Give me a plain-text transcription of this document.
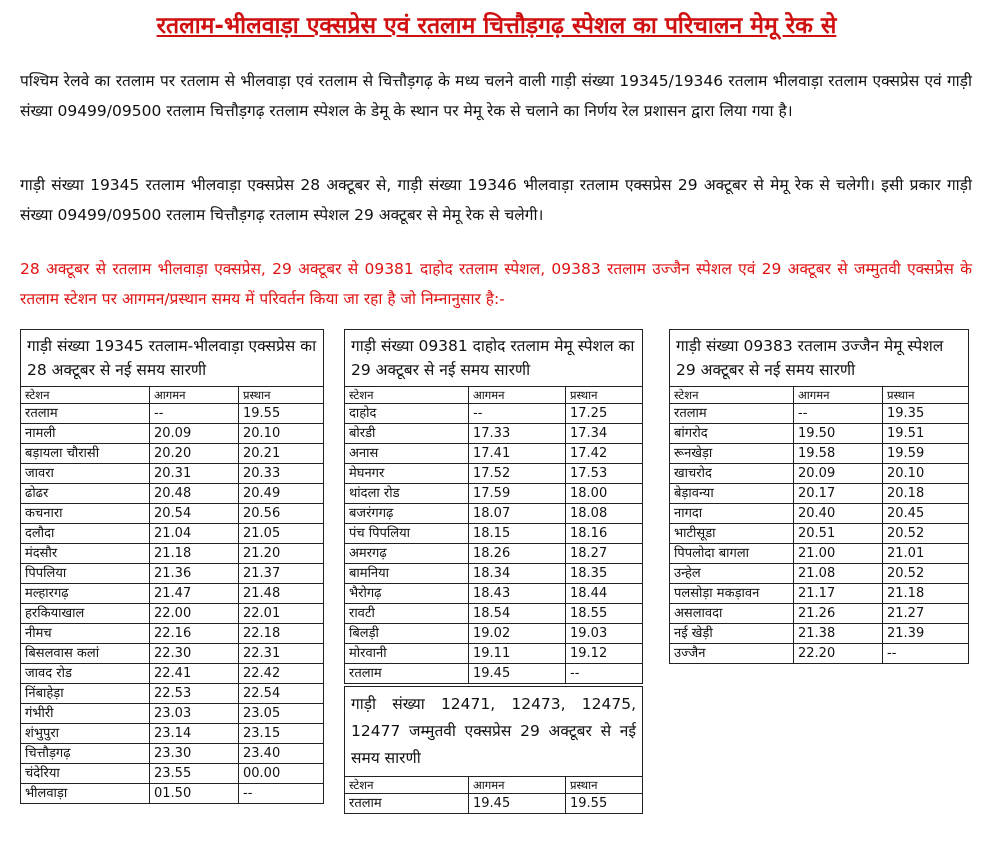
रतलाम-भीलवाड़ा एक्सप्रेस एवं रतलाम चित्तौड़गढ़ स्पेशल का परिचालन मेमू रेक से
पश्चिम रेलवे का रतलाम पर रतलाम से भीलवाड़ा एवं रतलाम से चित्तौड़गढ़ के मध्य चलने वाली गाड़ी संख्या 19345/19346 रतलाम भीलवाड़ा रतलाम एक्सप्रेस एवं गाड़ी संख्या 09499/09500 रतलाम चित्तौड़गढ़ रतलाम स्पेशल के डेमू के स्थान पर मेमू रेक से चलाने का निर्णय रेल प्रशासन द्वारा लिया गया है।
गाड़ी संख्या 19345 रतलाम भीलवाड़ा एक्सप्रेस 28 अक्टूबर से, गाड़ी संख्या 19346 भीलवाड़ा रतलाम एक्सप्रेस 29 अक्टूबर से मेमू रेक से चलेगी। इसी प्रकार गाड़ी संख्या 09499/09500 रतलाम चित्तौड़गढ़ रतलाम स्पेशल 29 अक्टूबर से मेमू रेक से चलेगी।
28 अक्टूबर से रतलाम भीलवाड़ा एक्सप्रेस, 29 अक्टूबर से 09381 दाहोद रतलाम स्पेशल, 09383 रतलाम उज्जैन स्पेशल एवं 29 अक्टूबर से जम्मुतवी एक्सप्रेस के रतलाम स्टेशन पर आगमन/प्रस्थान समय में परिवर्तन किया जा रहा है जो निम्नानुसार है:-
गाड़ी संख्या 19345 रतलाम-भीलवाड़ा एक्सप्रेस का 28 अक्टूबर से नई समय सारणी		
स्टेशन	आगमन	प्रस्थान
रतलाम	--	19.55
नामली	20.09	20.10
बड़ायला चौरासी	20.20	20.21
जावरा	20.31	20.33
ढोढर	20.48	20.49
कचनारा	20.54	20.56
दलौदा	21.04	21.05
मंदसौर	21.18	21.20
पिपलिया	21.36	21.37
मल्हारगढ़	21.47	21.48
हरकियाखाल	22.00	22.01
नीमच	22.16	22.18
बिसलवास कलां	22.30	22.31
जावद रोड	22.41	22.42
निंबाहेड़ा	22.53	22.54
गंभीरी	23.03	23.05
शंभुपुरा	23.14	23.15
चित्तौड़गढ़	23.30	23.40
चंदेरिया	23.55	00.00
भीलवाड़ा	01.50	--
गाड़ी संख्या 09381 दाहोद रतलाम मेमू स्पेशल का 29 अक्टूबर से नई समय सारणी		
स्टेशन	आगमन	प्रस्थान
दाहोद	--	17.25
बोरडी	17.33	17.34
अनास	17.41	17.42
मेघनगर	17.52	17.53
थांदला रोड	17.59	18.00
बजरंगगढ़	18.07	18.08
पंच पिपलिया	18.15	18.16
अमरगढ़	18.26	18.27
बामनिया	18.34	18.35
भैरोगढ़	18.43	18.44
रावटी	18.54	18.55
बिलड़ी	19.02	19.03
मोरवानी	19.11	19.12
रतलाम	19.45	--
गाड़ी संख्या 09383 रतलाम उज्जैन मेमू स्पेशल 29 अक्टूबर से नई समय सारणी		
स्टेशन	आगमन	प्रस्थान
रतलाम	--	19.35
बांगरोद	19.50	19.51
रूनखेड़ा	19.58	19.59
खाचरोद	20.09	20.10
बेड़ावन्या	20.17	20.18
नागदा	20.40	20.45
भाटीसूडा	20.51	20.52
पिपलोदा बागला	21.00	21.01
उन्हेल	21.08	20.52
पलसोड़ा मकड़ावन	21.17	21.18
असलावदा	21.26	21.27
नई खेड़ी	21.38	21.39
उज्जैन	22.20	--
गाड़ी संख्या 12471, 12473, 12475, 12477 जम्मुतवी एक्सप्रेस 29 अक्टूबर से नई समय सारणी		
स्टेशन	आगमन	प्रस्थान
रतलाम	19.45	19.55
